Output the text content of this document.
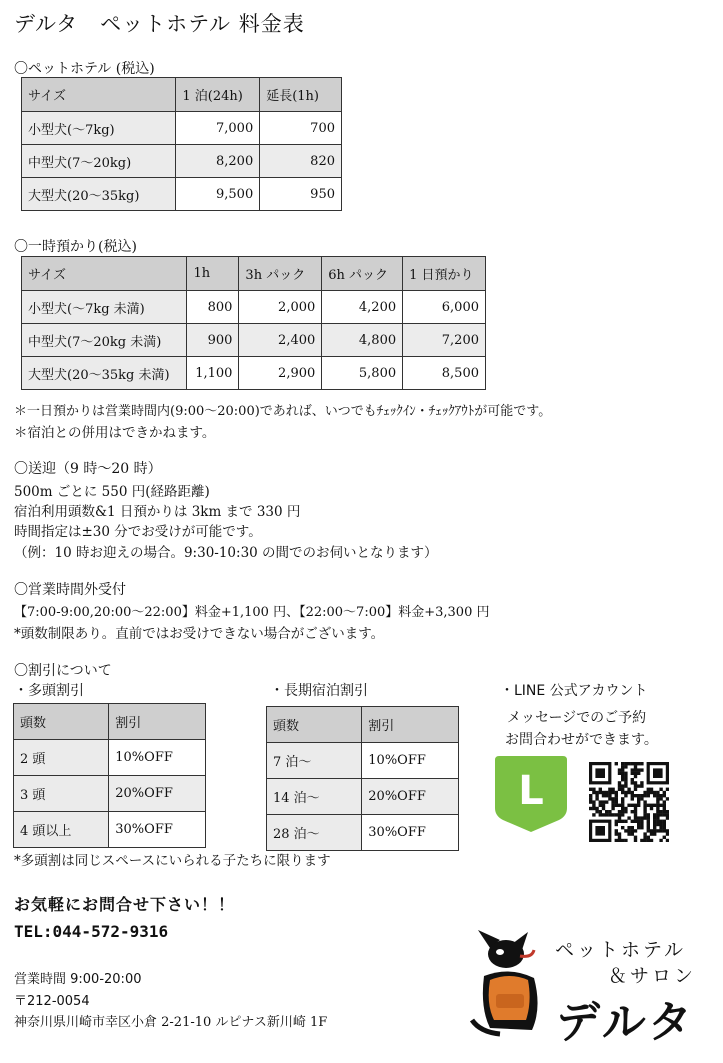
デルタ　ペットホテル 料金表
〇ペットホテル (税込)
サイズ	1 泊(24h)	延長(1h)
小型犬(～7kg)	7,000	700
中型犬(7～20kg)	8,200	820
大型犬(20～35kg)	9,500	950
〇一時預かり(税込)
サイズ	1h	3h パック	6h パック	1 日預かり
小型犬(～7kg 未満)	800	2,000	4,200	6,000
中型犬(7～20kg 未満)	900	2,400	4,800	7,200
大型犬(20～35kg 未満)	1,100	2,900	5,800	8,500
＊一日預かりは営業時間内(9:00～20:00)であれば、いつでもﾁｪｯｸｲﾝ・ﾁｪｯｸｱｳﾄが可能です。
＊宿泊との併用はできかねます。
〇送迎（9 時～20 時）
500m ごとに 550 円(経路距離)
宿泊利用頭数&1 日預かりは 3km まで 330 円
時間指定は±30 分でお受けが可能です。
（例：10 時お迎えの場合。9:30-10:30 の間でのお伺いとなります）
〇営業時間外受付
【7:00-9:00,20:00～22:00】料金+1,100 円、【22:00～7:00】料金+3,300 円
*頭数制限あり。直前ではお受けできない場合がございます。
〇割引について
・多頭割引	・長期宿泊割引	・LINE 公式アカウント
頭数	割引
2 頭	10%OFF
3 頭	20%OFF
4 頭以上	30%OFF
頭数	割引
7 泊～	10%OFF
14 泊～	20%OFF
28 泊～	30%OFF
*多頭割は同じスペースにいられる子たちに限ります
メッセージでのご予約
お問合わせができます。
L
お気軽にお問合せ下さい！！
TEL:044-572-9316
営業時間 9:00-20:00
〒212-0054
神奈川県川崎市幸区小倉 2-21-10 ルピナス新川崎 1F
ペットホテル
＆サロン
デルタ
